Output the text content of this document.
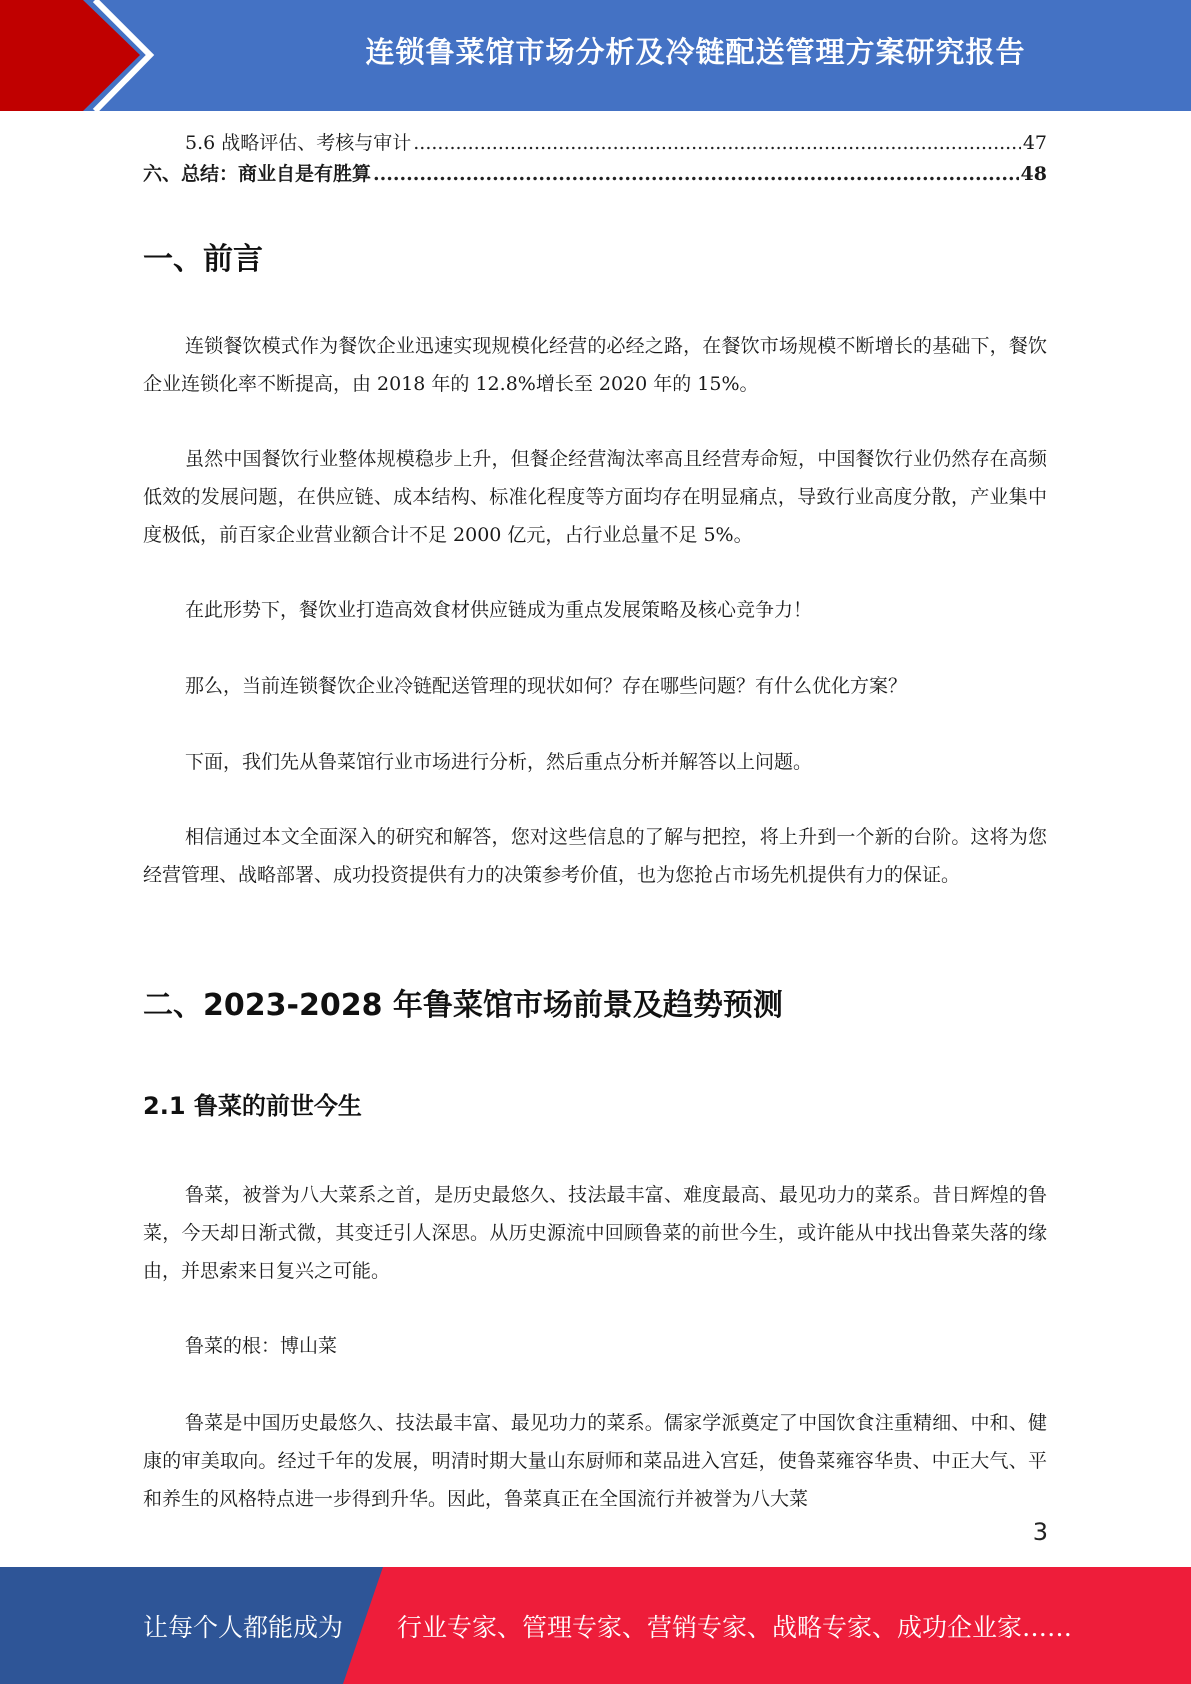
连锁鲁菜馆市场分析及冷链配送管理方案研究报告
5.6 战略评估、考核与审计 .....	47
六、总结：商业自是有胜算 .....	48
一、前言

连锁餐饮模式作为餐饮企业迅速实现规模化经营的必经之路，在餐饮市场规模不断增长的基础下，餐饮企业连锁化率不断提高，由 2018 年的 12.8%增长至 2020 年的 15%。

虽然中国餐饮行业整体规模稳步上升，但餐企经营淘汰率高且经营寿命短，中国餐饮行业仍然存在高频低效的发展问题，在供应链、成本结构、标准化程度等方面均存在明显痛点，导致行业高度分散，产业集中度极低，前百家企业营业额合计不足 2000 亿元，占行业总量不足 5%。

在此形势下，餐饮业打造高效食材供应链成为重点发展策略及核心竞争力！

那么，当前连锁餐饮企业冷链配送管理的现状如何？存在哪些问题？有什么优化方案？

下面，我们先从鲁菜馆行业市场进行分析，然后重点分析并解答以上问题。

相信通过本文全面深入的研究和解答，您对这些信息的了解与把控，将上升到一个新的台阶。这将为您经营管理、战略部署、成功投资提供有力的决策参考价值，也为您抢占市场先机提供有力的保证。

二、2023-2028 年鲁菜馆市场前景及趋势预测
2.1 鲁菜的前世今生

鲁菜，被誉为八大菜系之首，是历史最悠久、技法最丰富、难度最高、最见功力的菜系。昔日辉煌的鲁菜，今天却日渐式微，其变迁引人深思。从历史源流中回顾鲁菜的前世今生，或许能从中找出鲁菜失落的缘由，并思索来日复兴之可能。

鲁菜的根：博山菜

鲁菜是中国历史最悠久、技法最丰富、最见功力的菜系。儒家学派奠定了中国饮食注重精细、中和、健康的审美取向。经过千年的发展，明清时期大量山东厨师和菜品进入宫廷，使鲁菜雍容华贵、中正大气、平和养生的风格特点进一步得到升华。因此，鲁菜真正在全国流行并被誉为八大菜

3
让每个人都能成为 行业专家、管理专家、营销专家、战略专家、成功企业家……
